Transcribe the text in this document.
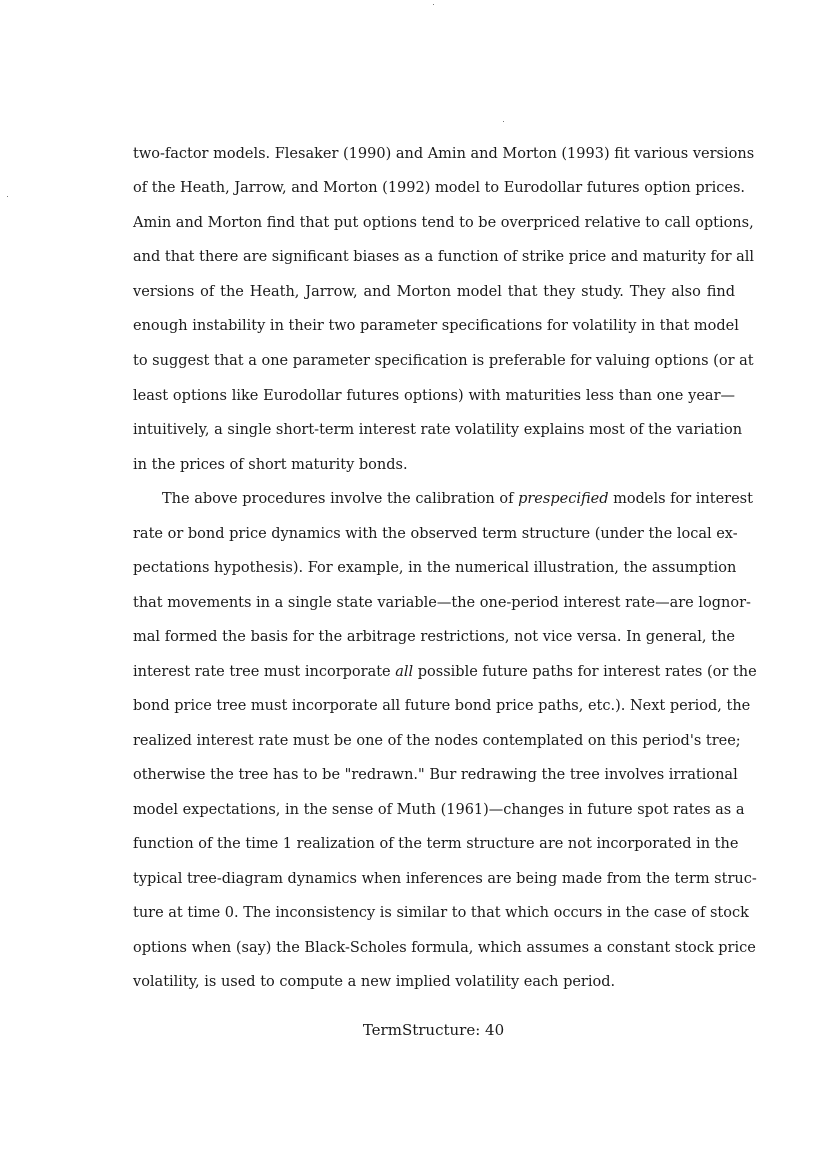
two-factor models. Flesaker (1990) and Amin and Morton (1993) fit various versions
of the Heath, Jarrow, and Morton (1992) model to Eurodollar futures option prices.
Amin and Morton find that put options tend to be overpriced relative to call options,
and that there are significant biases as a function of strike price and maturity for all
versions of the Heath, Jarrow, and Morton model that they study. They also find
enough instability in their two parameter specifications for volatility in that model
to suggest that a one parameter specification is preferable for valuing options (or at
least options like Eurodollar futures options) with maturities less than one year—
intuitively, a single short-term interest rate volatility explains most of the variation
in the prices of short maturity bonds.
The above procedures involve the calibration of prespecified models for interest
rate or bond price dynamics with the observed term structure (under the local ex-
pectations hypothesis). For example, in the numerical illustration, the assumption
that movements in a single state variable—the one-period interest rate—are lognor-
mal formed the basis for the arbitrage restrictions, not vice versa. In general, the
interest rate tree must incorporate all possible future paths for interest rates (or the
bond price tree must incorporate all future bond price paths, etc.). Next period, the
realized interest rate must be one of the nodes contemplated on this period's tree;
otherwise the tree has to be "redrawn." Bur redrawing the tree involves irrational
model expectations, in the sense of Muth (1961)—changes in future spot rates as a
function of the time 1 realization of the term structure are not incorporated in the
typical tree-diagram dynamics when inferences are being made from the term struc-
ture at time 0. The inconsistency is similar to that which occurs in the case of stock
options when (say) the Black-Scholes formula, which assumes a constant stock price
volatility, is used to compute a new implied volatility each period.
TermStructure: 40
